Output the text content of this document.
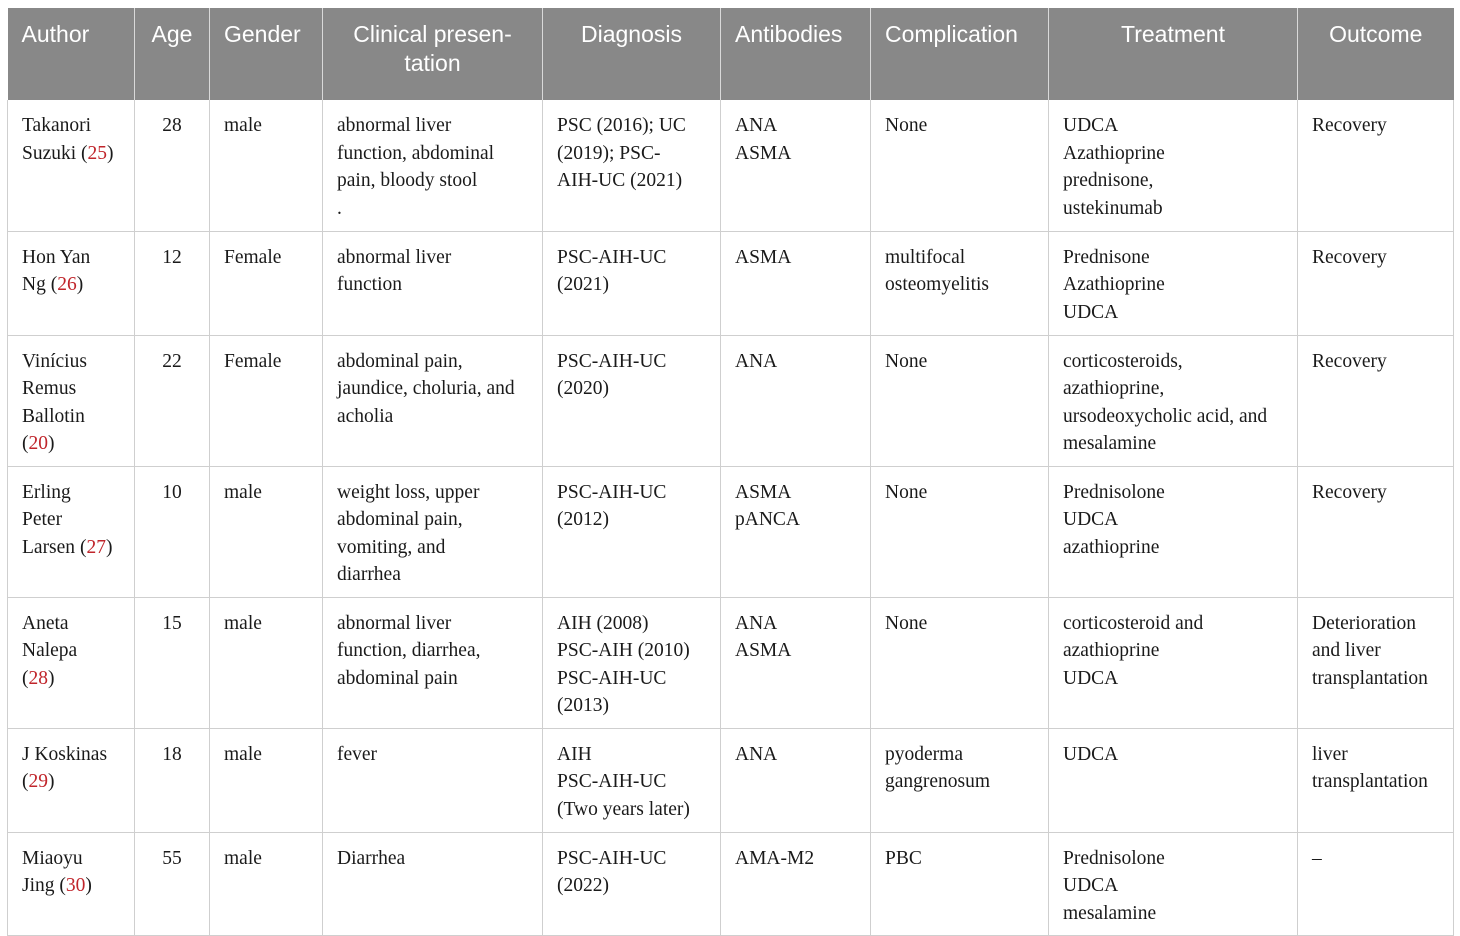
Author	Age	Gender	Clinical presen-
tation	Diagnosis	Antibodies	Complication	Treatment	Outcome

Takanori
Suzuki (25)	28	male	abnormal liver
function, abdominal
pain, bloody stool
.	PSC (2016); UC
(2019); PSC-
AIH-UC (2021)	ANA
ASMA	None	UDCA
Azathioprine
prednisone,
ustekinumab	Recovery

Hon Yan
Ng (26)	12	Female	abnormal liver
function	PSC-AIH-UC
(2021)	ASMA	multifocal
osteomyelitis	Prednisone
Azathioprine
UDCA	Recovery

Vinícius
Remus
Ballotin
(20)	22	Female	abdominal pain,
jaundice, choluria, and
acholia	PSC-AIH-UC
(2020)	ANA	None	corticosteroids,
azathioprine,
ursodeoxycholic acid, and
mesalamine	Recovery

Erling
Peter
Larsen (27)	10	male	weight loss, upper
abdominal pain,
vomiting, and
diarrhea	PSC-AIH-UC
(2012)	ASMA
pANCA	None	Prednisolone
UDCA
azathioprine	Recovery

Aneta
Nalepa
(28)	15	male	abnormal liver
function, diarrhea,
abdominal pain	AIH (2008)
PSC-AIH (2010)
PSC-AIH-UC
(2013)	ANA
ASMA	None	corticosteroid and
azathioprine
UDCA	Deterioration
and liver
transplantation

J Koskinas
(29)	18	male	fever	AIH
PSC-AIH-UC
(Two years later)	ANA	pyoderma
gangrenosum	UDCA	liver
transplantation

Miaoyu
Jing (30)	55	male	Diarrhea	PSC-AIH-UC
(2022)	AMA-M2	PBC	Prednisolone
UDCA
mesalamine	–
